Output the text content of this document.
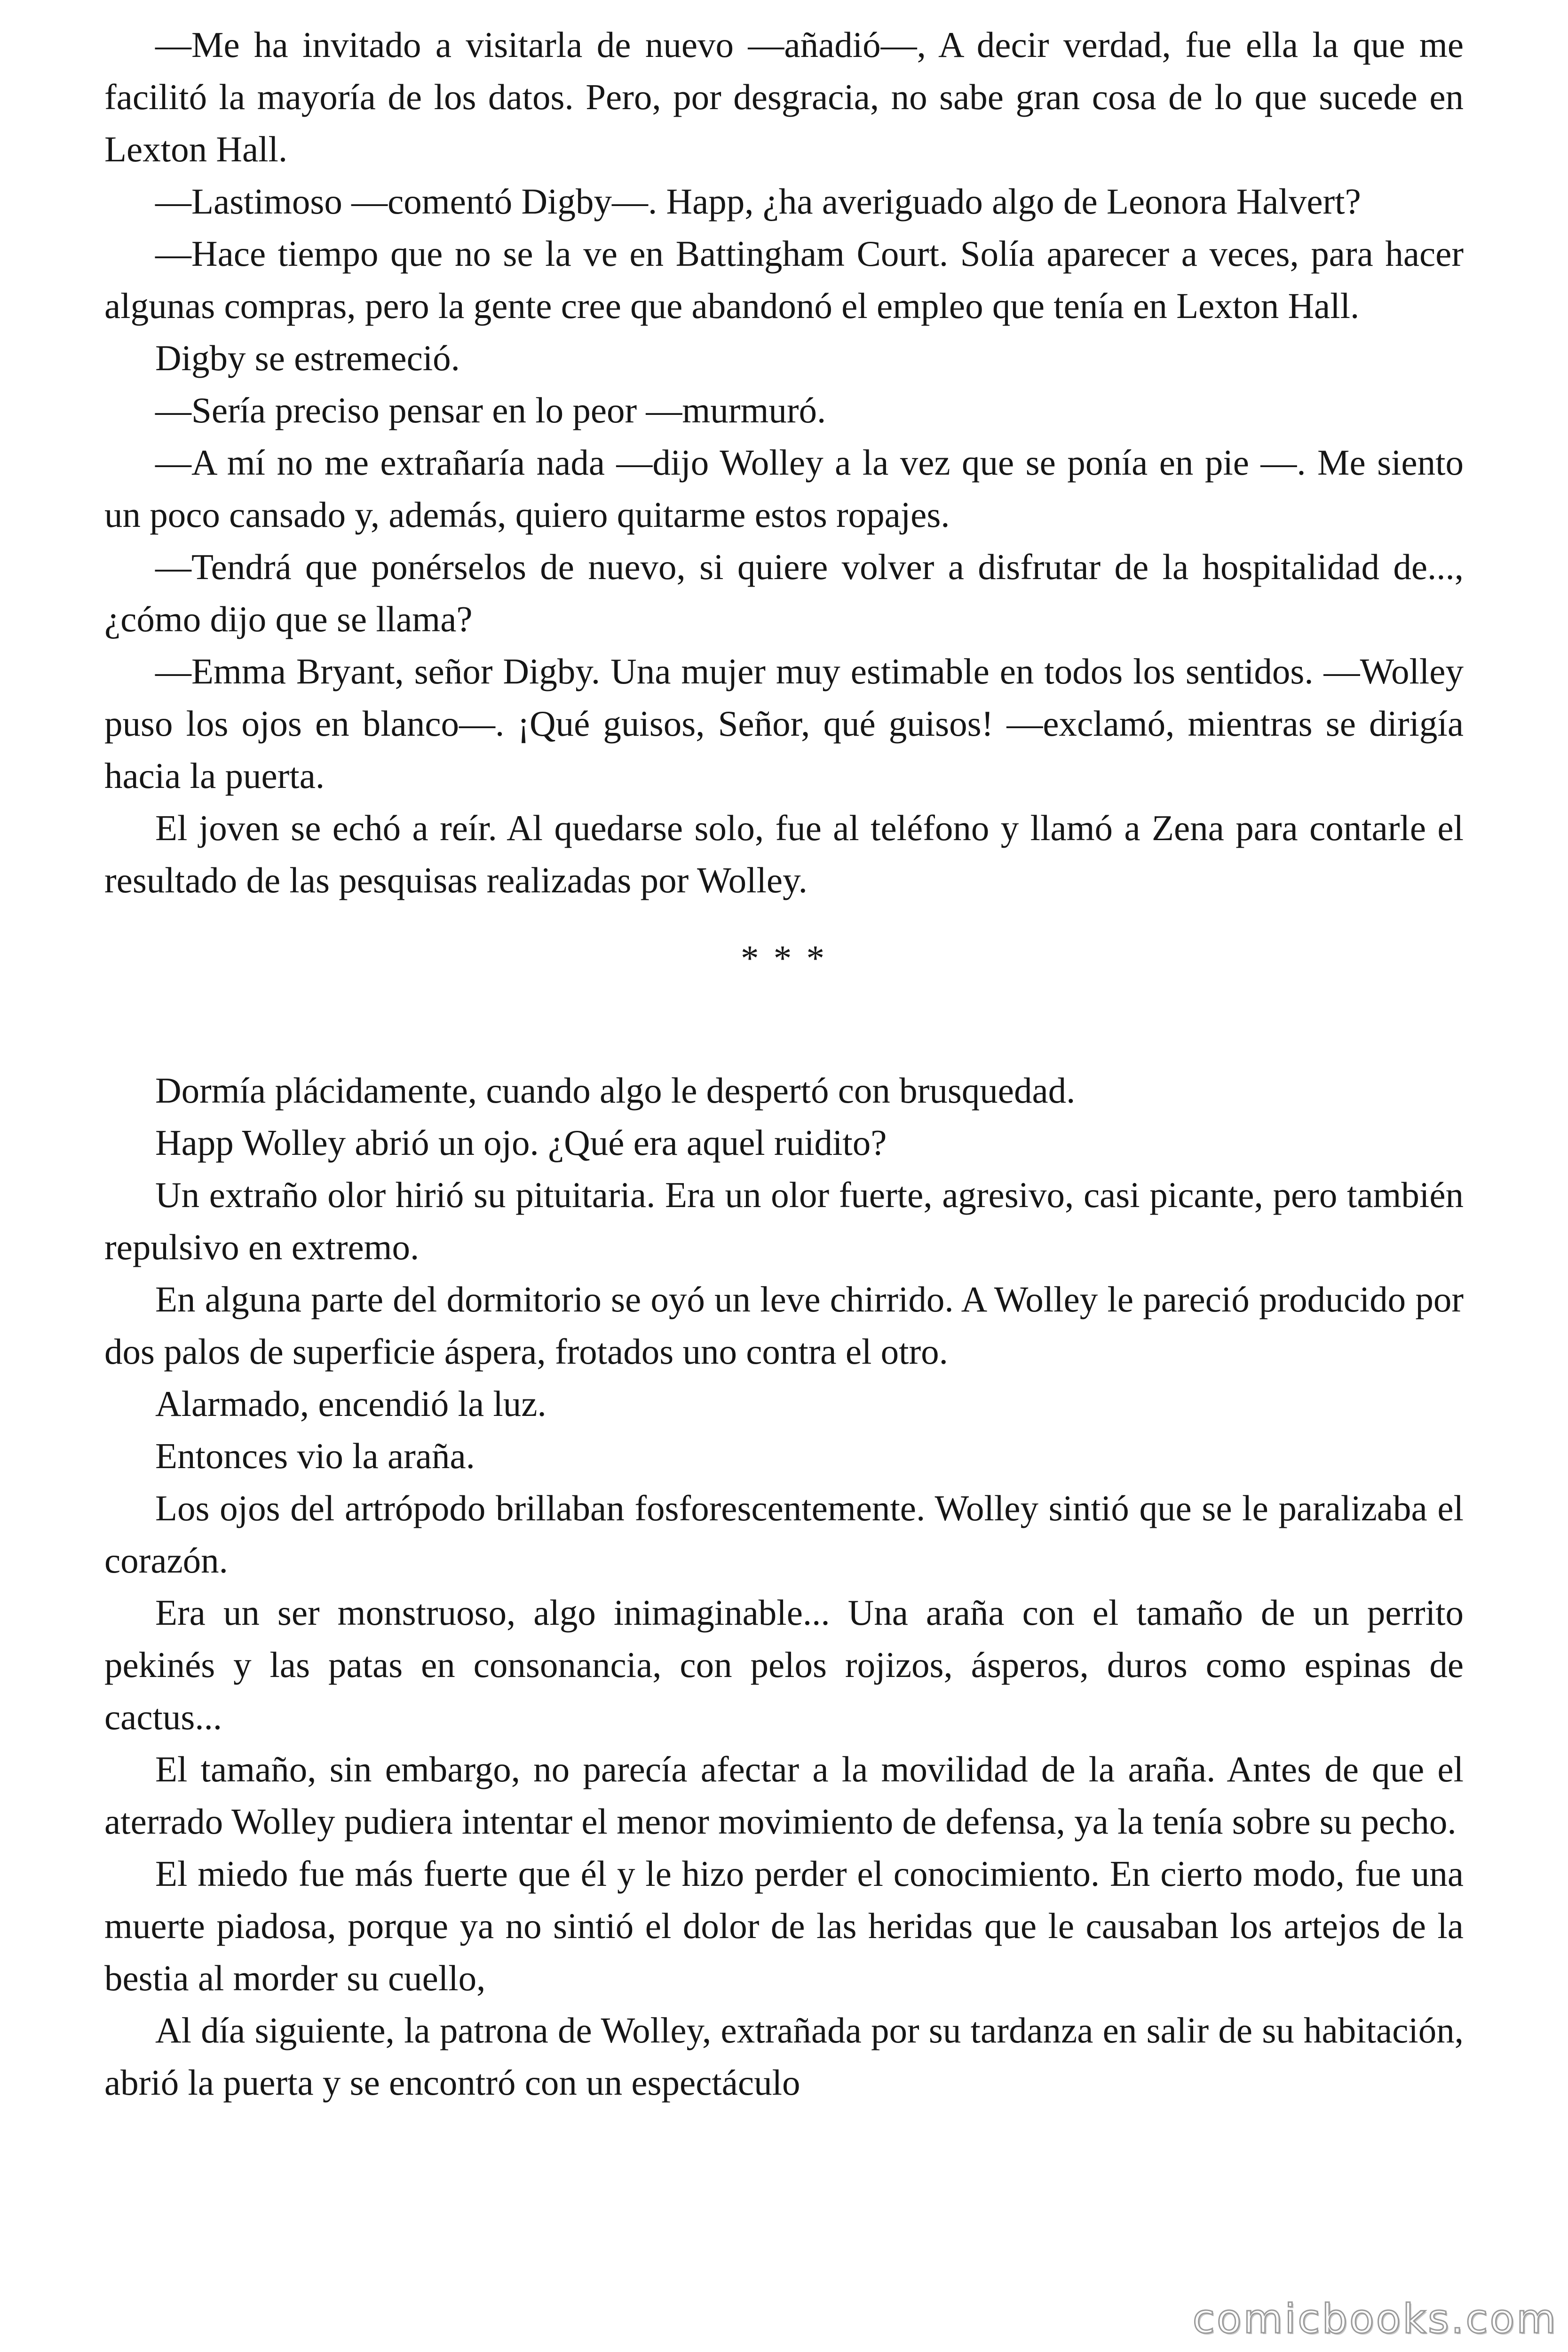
—Me ha invitado a visitarla de nuevo —añadió—, A decir verdad, fue ella la que me facilitó la mayoría de los datos. Pero, por desgracia, no sabe gran cosa de lo que sucede en Lexton Hall.

—Lastimoso —comentó Digby—. Happ, ¿ha averiguado algo de Leonora Halvert?

—Hace tiempo que no se la ve en Battingham Court. Solía aparecer a veces, para hacer algunas compras, pero la gente cree que abandonó el empleo que tenía en Lexton Hall.

Digby se estremeció.

—Sería preciso pensar en lo peor —murmuró.

—A mí no me extrañaría nada —dijo Wolley a la vez que se ponía en pie —. Me siento un poco cansado y, además, quiero quitarme estos ropajes.

—Tendrá que ponérselos de nuevo, si quiere volver a disfrutar de la hospitalidad de..., ¿cómo dijo que se llama?

—Emma Bryant, señor Digby. Una mujer muy estimable en todos los sentidos. —Wolley puso los ojos en blanco—. ¡Qué guisos, Señor, qué guisos! —exclamó, mientras se dirigía hacia la puerta.

El joven se echó a reír. Al quedarse solo, fue al teléfono y llamó a Zena para contarle el resultado de las pesquisas realizadas por Wolley.

* * *

Dormía plácidamente, cuando algo le despertó con brusquedad.

Happ Wolley abrió un ojo. ¿Qué era aquel ruidito?

Un extraño olor hirió su pituitaria. Era un olor fuerte, agresivo, casi picante, pero también repulsivo en extremo.

En alguna parte del dormitorio se oyó un leve chirrido. A Wolley le pareció producido por dos palos de superficie áspera, frotados uno contra el otro.

Alarmado, encendió la luz.

Entonces vio la araña.

Los ojos del artrópodo brillaban fosforescentemente. Wolley sintió que se le paralizaba el corazón.

Era un ser monstruoso, algo inimaginable... Una araña con el tamaño de un perrito pekinés y las patas en consonancia, con pelos rojizos, ásperos, duros como espinas de cactus...

El tamaño, sin embargo, no parecía afectar a la movilidad de la araña. Antes de que el aterrado Wolley pudiera intentar el menor movimiento de defensa, ya la tenía sobre su pecho.

El miedo fue más fuerte que él y le hizo perder el conocimiento. En cierto modo, fue una muerte piadosa, porque ya no sintió el dolor de las heridas que le causaban los artejos de la bestia al morder su cuello,

Al día siguiente, la patrona de Wolley, extrañada por su tardanza en salir de su habitación, abrió la puerta y se encontró con un espectáculo

comicbooks.com
